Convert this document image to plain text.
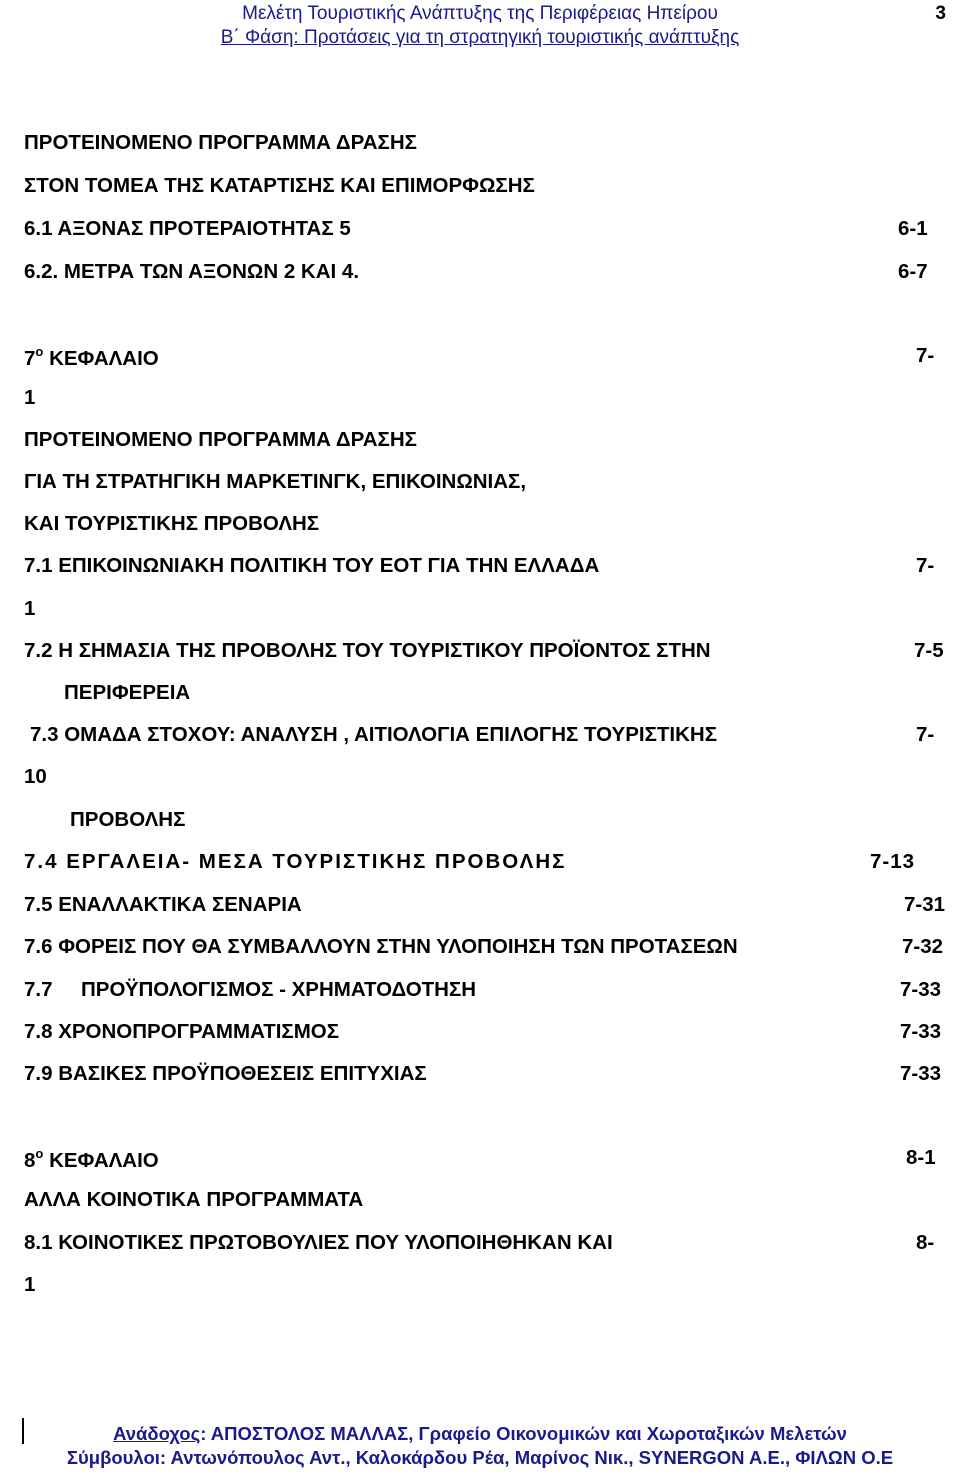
Μελέτη Τουριστικής Ανάπτυξης της Περιφέρειας Ηπείρου
Β΄ Φάση: Προτάσεις για τη στρατηγική τουριστικής ανάπτυξης
3
ΠΡΟΤΕΙΝΟΜΕΝΟ ΠΡΟΓΡΑΜΜΑ ΔΡΑΣΗΣ
ΣΤΟΝ ΤΟΜΕΑ ΤΗΣ ΚΑΤΑΡΤΙΣΗΣ ΚΑΙ ΕΠΙΜΟΡΦΩΣΗΣ
6.1 ΑΞΟΝΑΣ ΠΡΟΤΕΡΑΙΟΤΗΤΑΣ 5	6-1
6.2. ΜΕΤΡΑ ΤΩΝ ΑΞΟΝΩΝ 2 ΚΑΙ 4.	6-7
$7^o$ ΚΕΦΑΛΑΙΟ	7-
1
ΠΡΟΤΕΙΝΟΜΕΝΟ ΠΡΟΓΡΑΜΜΑ ΔΡΑΣΗΣ
ΓΙΑ ΤΗ ΣΤΡΑΤΗΓΙΚΗ ΜΑΡΚΕΤΙΝΓΚ, ΕΠΙΚΟΙΝΩΝΙΑΣ,
ΚΑΙ ΤΟΥΡΙΣΤΙΚΗΣ ΠΡΟΒΟΛΗΣ
7.1 ΕΠΙΚΟΙΝΩΝΙΑΚΗ ΠΟΛΙΤΙΚΗ ΤΟΥ ΕΟΤ ΓΙΑ ΤΗΝ ΕΛΛΑΔΑ	7-
1
7.2 Η ΣΗΜΑΣΙΑ ΤΗΣ ΠΡΟΒΟΛΗΣ ΤΟΥ ΤΟΥΡΙΣΤΙΚΟΥ ΠΡΟΪΟΝΤΟΣ ΣΤΗΝ	7-5
ΠΕΡΙΦΕΡΕΙΑ
7.3 ΟΜΑΔΑ ΣΤΟΧΟΥ: ΑΝΑΛΥΣΗ , ΑΙΤΙΟΛΟΓΙΑ ΕΠΙΛΟΓΗΣ ΤΟΥΡΙΣΤΙΚΗΣ	7-
10
ΠΡΟΒΟΛΗΣ
7.4 ΕΡΓΑΛΕΙΑ- ΜΕΣΑ ΤΟΥΡΙΣΤΙΚΗΣ ΠΡΟΒΟΛΗΣ	7-13
7.5 ΕΝΑΛΛΑΚΤΙΚΑ ΣΕΝΑΡΙΑ	7-31
7.6 ΦΟΡΕΙΣ ΠΟΥ ΘΑ ΣΥΜΒΑΛΛΟΥΝ ΣΤΗΝ ΥΛΟΠΟΙΗΣΗ ΤΩΝ ΠΡΟΤΑΣΕΩΝ	7-32
7.7     ΠΡΟΫΠΟΛΟΓΙΣΜΟΣ - ΧΡΗΜΑΤΟΔΟΤΗΣΗ	7-33
7.8 ΧΡΟΝΟΠΡΟΓΡΑΜΜΑΤΙΣΜΟΣ	7-33
7.9 ΒΑΣΙΚΕΣ ΠΡΟΫΠΟΘΕΣΕΙΣ ΕΠΙΤΥΧΙΑΣ	7-33
$8^o$ ΚΕΦΑΛΑΙΟ	8-1
ΑΛΛΑ ΚΟΙΝΟΤΙΚΑ ΠΡΟΓΡΑΜΜΑΤΑ
8.1 ΚΟΙΝΟΤΙΚΕΣ ΠΡΩΤΟΒΟΥΛΙΕΣ ΠΟΥ ΥΛΟΠΟΙΗΘΗΚΑΝ ΚΑΙ	8-
1
Ανάδοχος: ΑΠΟΣΤΟΛΟΣ ΜΑΛΛΑΣ, Γραφείο Οικονομικών και Χωροταξικών Μελετών
Σύμβουλοι: Αντωνόπουλος Αντ., Καλοκάρδου Ρέα, Μαρίνος Νικ., SYNERGON A.E., ΦΙΛΩΝ Ο.Ε
